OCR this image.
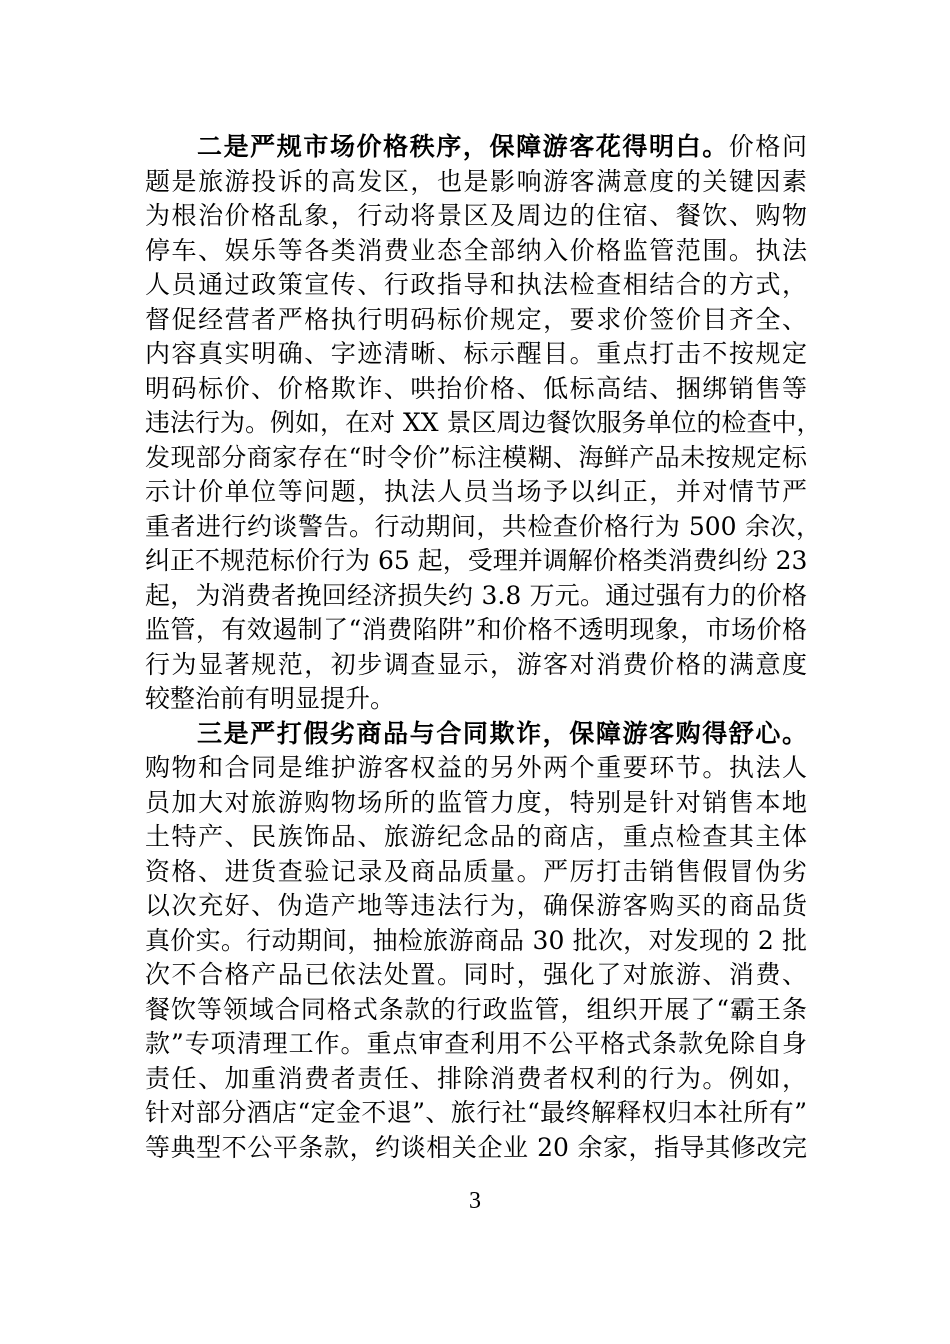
二是严规市场价格秩序，保障游客花得明白。价格问
题是旅游投诉的高发区，也是影响游客满意度的关键因素
为根治价格乱象，行动将景区及周边的住宿、餐饮、购物
停车、娱乐等各类消费业态全部纳入价格监管范围。执法
人员通过政策宣传、行政指导和执法检查相结合的方式，
督促经营者严格执行明码标价规定，要求价签价目齐全、
内容真实明确、字迹清晰、标示醒目。重点打击不按规定
明码标价、价格欺诈、哄抬价格、低标高结、捆绑销售等
违法行为。例如，在对 XX 景区周边餐饮服务单位的检查中，
发现部分商家存在“时令价”标注模糊、海鲜产品未按规定标
示计价单位等问题，执法人员当场予以纠正，并对情节严
重者进行约谈警告。行动期间，共检查价格行为 500 余次，
纠正不规范标价行为 65 起，受理并调解价格类消费纠纷 23
起，为消费者挽回经济损失约 3.8 万元。通过强有力的价格
监管，有效遏制了“消费陷阱”和价格不透明现象，市场价格
行为显著规范，初步调查显示，游客对消费价格的满意度
较整治前有明显提升。
三是严打假劣商品与合同欺诈，保障游客购得舒心。
购物和合同是维护游客权益的另外两个重要环节。执法人
员加大对旅游购物场所的监管力度，特别是针对销售本地
土特产、民族饰品、旅游纪念品的商店，重点检查其主体
资格、进货查验记录及商品质量。严厉打击销售假冒伪劣
以次充好、伪造产地等违法行为，确保游客购买的商品货
真价实。行动期间，抽检旅游商品 30 批次，对发现的 2 批
次不合格产品已依法处置。同时，强化了对旅游、消费、
餐饮等领域合同格式条款的行政监管，组织开展了“霸王条
款”专项清理工作。重点审查利用不公平格式条款免除自身
责任、加重消费者责任、排除消费者权利的行为。例如，
针对部分酒店“定金不退”、旅行社“最终解释权归本社所有”
等典型不公平条款，约谈相关企业 20 余家，指导其修改完
3
